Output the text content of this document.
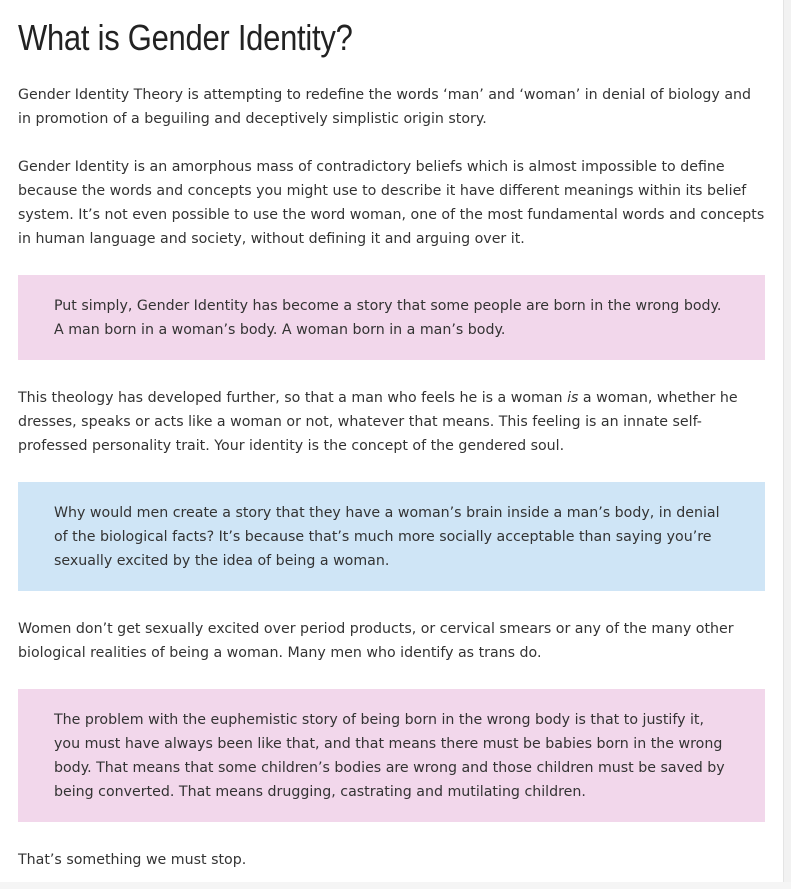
What is Gender Identity?

Gender Identity Theory is attempting to redefine the words ‘man’ and ‘woman’ in denial of biology and in promotion of a beguiling and deceptively simplistic origin story.

Gender Identity is an amorphous mass of contradictory beliefs which is almost impossible to define because the words and concepts you might use to describe it have different meanings within its belief system. It’s not even possible to use the word woman, one of the most fundamental words and concepts in human language and society, without defining it and arguing over it.

Put simply, Gender Identity has become a story that some people are born in the wrong body. A man born in a woman’s body. A woman born in a man’s body.

This theology has developed further, so that a man who feels he is a woman is a woman, whether he dresses, speaks or acts like a woman or not, whatever that means. This feeling is an innate self-professed personality trait. Your identity is the concept of the gendered soul.

Why would men create a story that they have a woman’s brain inside a man’s body, in denial of the biological facts? It’s because that’s much more socially acceptable than saying you’re sexually excited by the idea of being a woman.

Women don’t get sexually excited over period products, or cervical smears or any of the many other biological realities of being a woman. Many men who identify as trans do.

The problem with the euphemistic story of being born in the wrong body is that to justify it, you must have always been like that, and that means there must be babies born in the wrong body. That means that some children’s bodies are wrong and those children must be saved by being converted. That means drugging, castrating and mutilating children.

That’s something we must stop.
